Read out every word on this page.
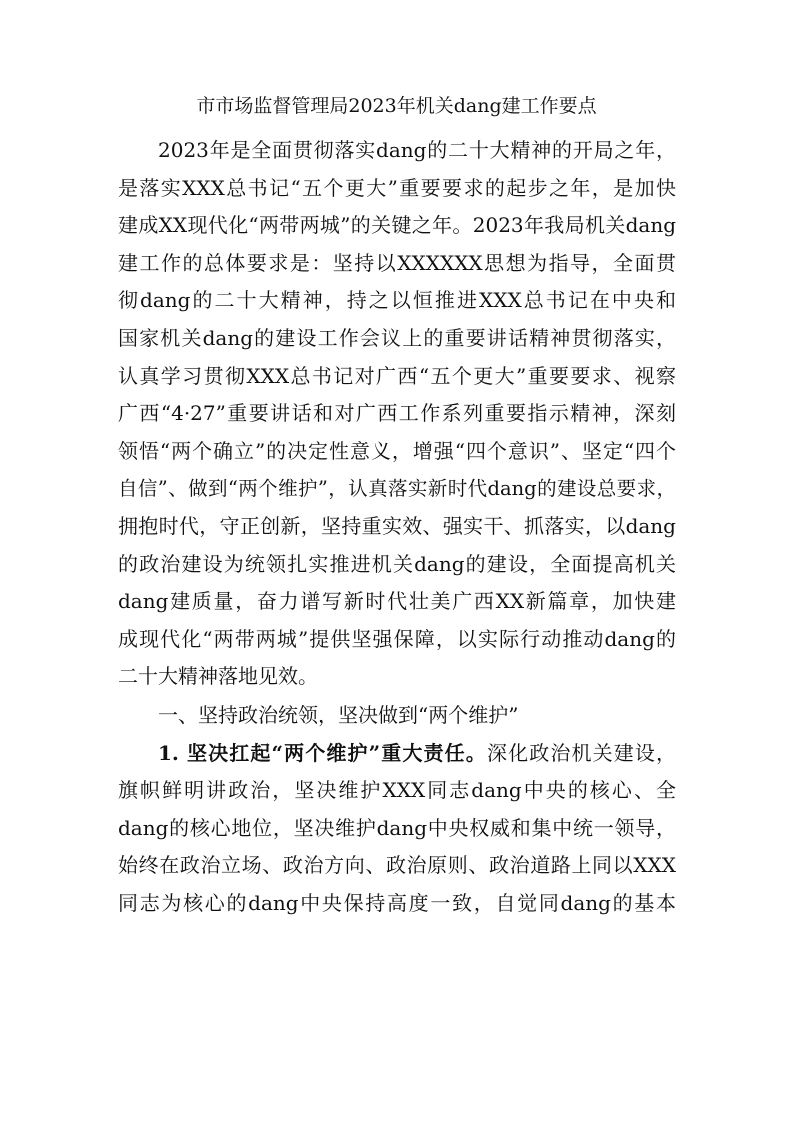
市市场监督管理局2023年机关dang建工作要点
2023年是全面贯彻落实dang的二十大精神的开局之年，
是落实XXX总书记“五个更大”重要要求的起步之年，是加快
建成XX现代化“两带两城”的关键之年。2023年我局机关dang
建工作的总体要求是：坚持以XXXXXX思想为指导，全面贯
彻dang的二十大精神，持之以恒推进XXX总书记在中央和
国家机关dang的建设工作会议上的重要讲话精神贯彻落实，
认真学习贯彻XXX总书记对广西“五个更大”重要要求、视察
广西“4·27”重要讲话和对广西工作系列重要指示精神，深刻
领悟“两个确立”的决定性意义，增强“四个意识”、坚定“四个
自信”、做到“两个维护”，认真落实新时代dang的建设总要求，
拥抱时代，守正创新，坚持重实效、强实干、抓落实，以dang
的政治建设为统领扎实推进机关dang的建设，全面提高机关
dang建质量，奋力谱写新时代壮美广西XX新篇章，加快建
成现代化“两带两城”提供坚强保障，以实际行动推动dang的
二十大精神落地见效。
一、坚持政治统领，坚决做到“两个维护”
1. 坚决扛起“两个维护”重大责任。深化政治机关建设，
旗帜鲜明讲政治，坚决维护XXX同志dang中央的核心、全
dang的核心地位，坚决维护dang中央权威和集中统一领导，
始终在政治立场、政治方向、政治原则、政治道路上同以XXX
同志为核心的dang中央保持高度一致，自觉同dang的基本
